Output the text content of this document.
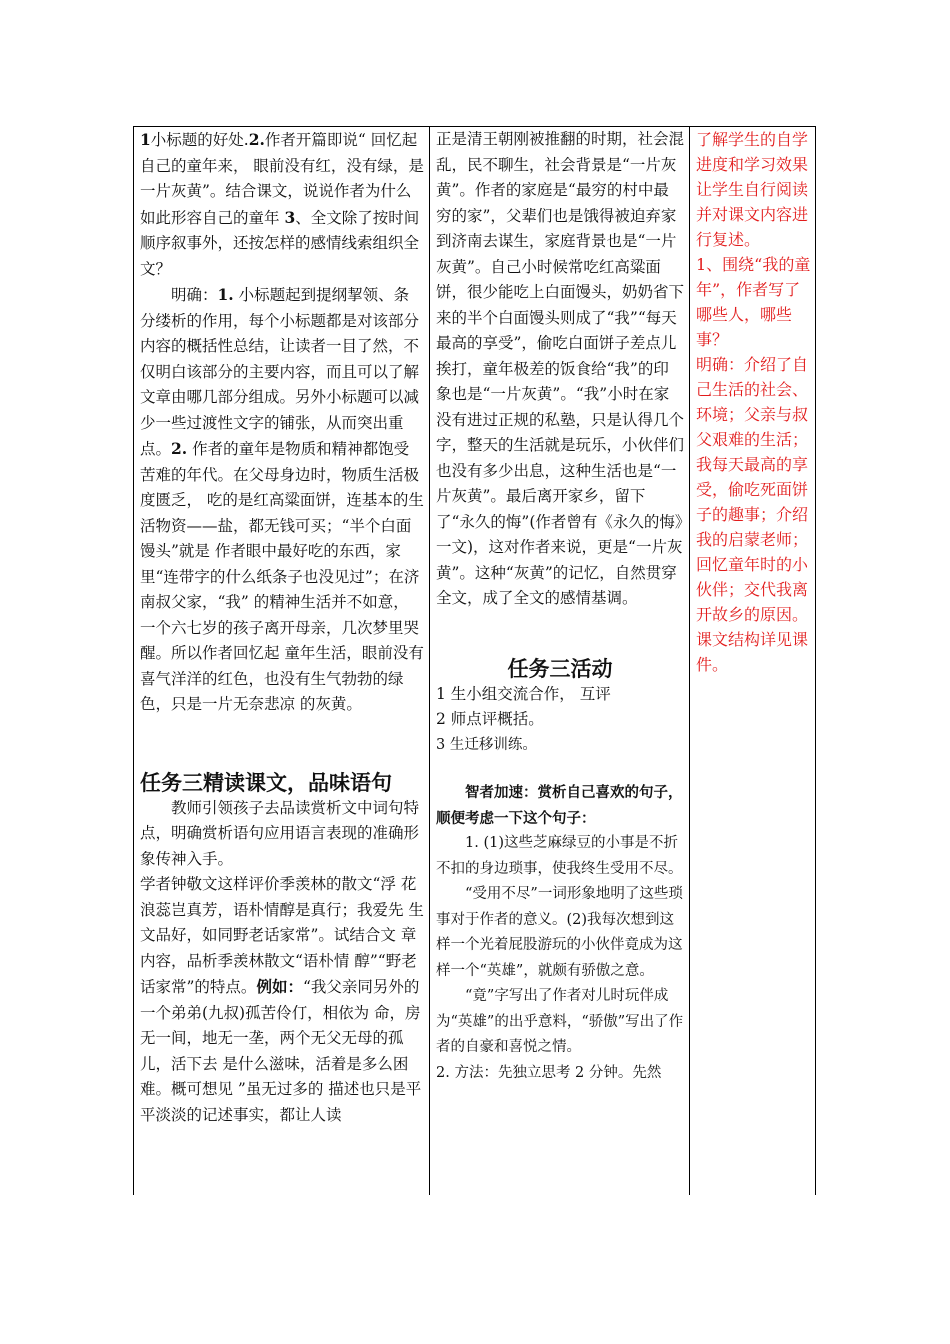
1小标题的好处.2.作者开篇即说“ 回忆起自己的童年来， 眼前没有红，没有绿，是一片灰黄”。结合课文，说说作者为什么如此形容自己的童年 3、全文除了按时间顺序叙事外，还按怎样的感情线索组织全文？

明确：1. 小标题起到提纲挈领、条分缕析的作用，每个小标题都是对该部分内容的概括性总结，让读者一目了然，不仅明白该部分的主要内容，而且可以了解文章由哪几部分组成。另外小标题可以减少一些过渡性文字的铺张，从而突出重点。2. 作者的童年是物质和精神都饱受苦难的年代。在父母身边时，物质生活极度匮乏， 吃的是红高粱面饼，连基本的生活物资——盐，都无钱可买；“半个白面馒头”就是 作者眼中最好吃的东西，家里“连带字的什么纸条子也没见过”；在济南叔父家，“我” 的精神生活并不如意，一个六七岁的孩子离开母亲，几次梦里哭醒。所以作者回忆起 童年生活，眼前没有喜气洋洋的红色，也没有生气勃勃的绿色，只是一片无奈悲凉 的灰黄。

任务三精读课文，品味语句

教师引领孩子去品读赏析文中词句特点，明确赏析语句应用语言表现的准确形象传神入手。

学者钟敬文这样评价季羡林的散文“浮 花浪蕊岂真芳，语朴情醇是真行；我爱先 生文品好，如同野老话家常”。试结合文 章内容，品析季羡林散文“语朴情 醇”“野老话家常”的特点。例如：“我父亲同另外的一个弟弟(九叔)孤苦伶仃，相依为 命，房无一间，地无一垄，两个无父无母的孤儿，活下去 是什么滋味，活着是多么困难。概可想见 ”虽无过多的 描述也只是平平淡淡的记述事实，都让人读

正是清王朝刚被推翻的时期，社会混乱，民不聊生，社会背景是“一片灰黄”。作者的家庭是“最穷的村中最穷的家”，父辈们也是饿得被迫弃家到济南去谋生，家庭背景也是“一片灰黄”。自己小时候常吃红高粱面饼，很少能吃上白面馒头，奶奶省下来的半个白面馒头则成了“我”“每天最高的享受”，偷吃白面饼子差点儿挨打，童年极差的饭食给“我”的印象也是“一片灰黄”。“我”小时在家没有进过正规的私塾，只是认得几个字，整天的生活就是玩乐，小伙伴们也没有多少出息，这种生活也是“一片灰黄”。最后离开家乡，留下了“永久的悔”(作者曾有《永久的悔》一文)，这对作者来说，更是“一片灰黄”。这种“灰黄”的记忆，自然贯穿全文，成了全文的感情基调。

任务三活动

1 生小组交流合作， 互评

2 师点评概括。

3 生迁移训练。

智者加速：赏析自己喜欢的句子，顺便考虑一下这个句子：

1. (1)这些芝麻绿豆的小事是不折不扣的身边琐事，使我终生受用不尽。

“受用不尽”一词形象地明了这些琐事对于作者的意义。(2)我每次想到这样一个光着屁股游玩的小伙伴竟成为这样一个“英雄”，就颇有骄傲之意。

“竟”字写出了作者对儿时玩伴成为“英雄”的出乎意料，“骄傲”写出了作者的自豪和喜悦之情。

2. 方法：先独立思考 2 分钟。先然

了解学生的自学进度和学习效果让学生自行阅读并对课文内容进行复述。

1、围绕“我的童年”，作者写了哪些人，哪些事？

明确：介绍了自己生活的社会、环境；父亲与叔父艰难的生活；我每天最高的享受，偷吃死面饼子的趣事；介绍我的启蒙老师；回忆童年时的小伙伴；交代我离开故乡的原因。

课文结构详见课件。
